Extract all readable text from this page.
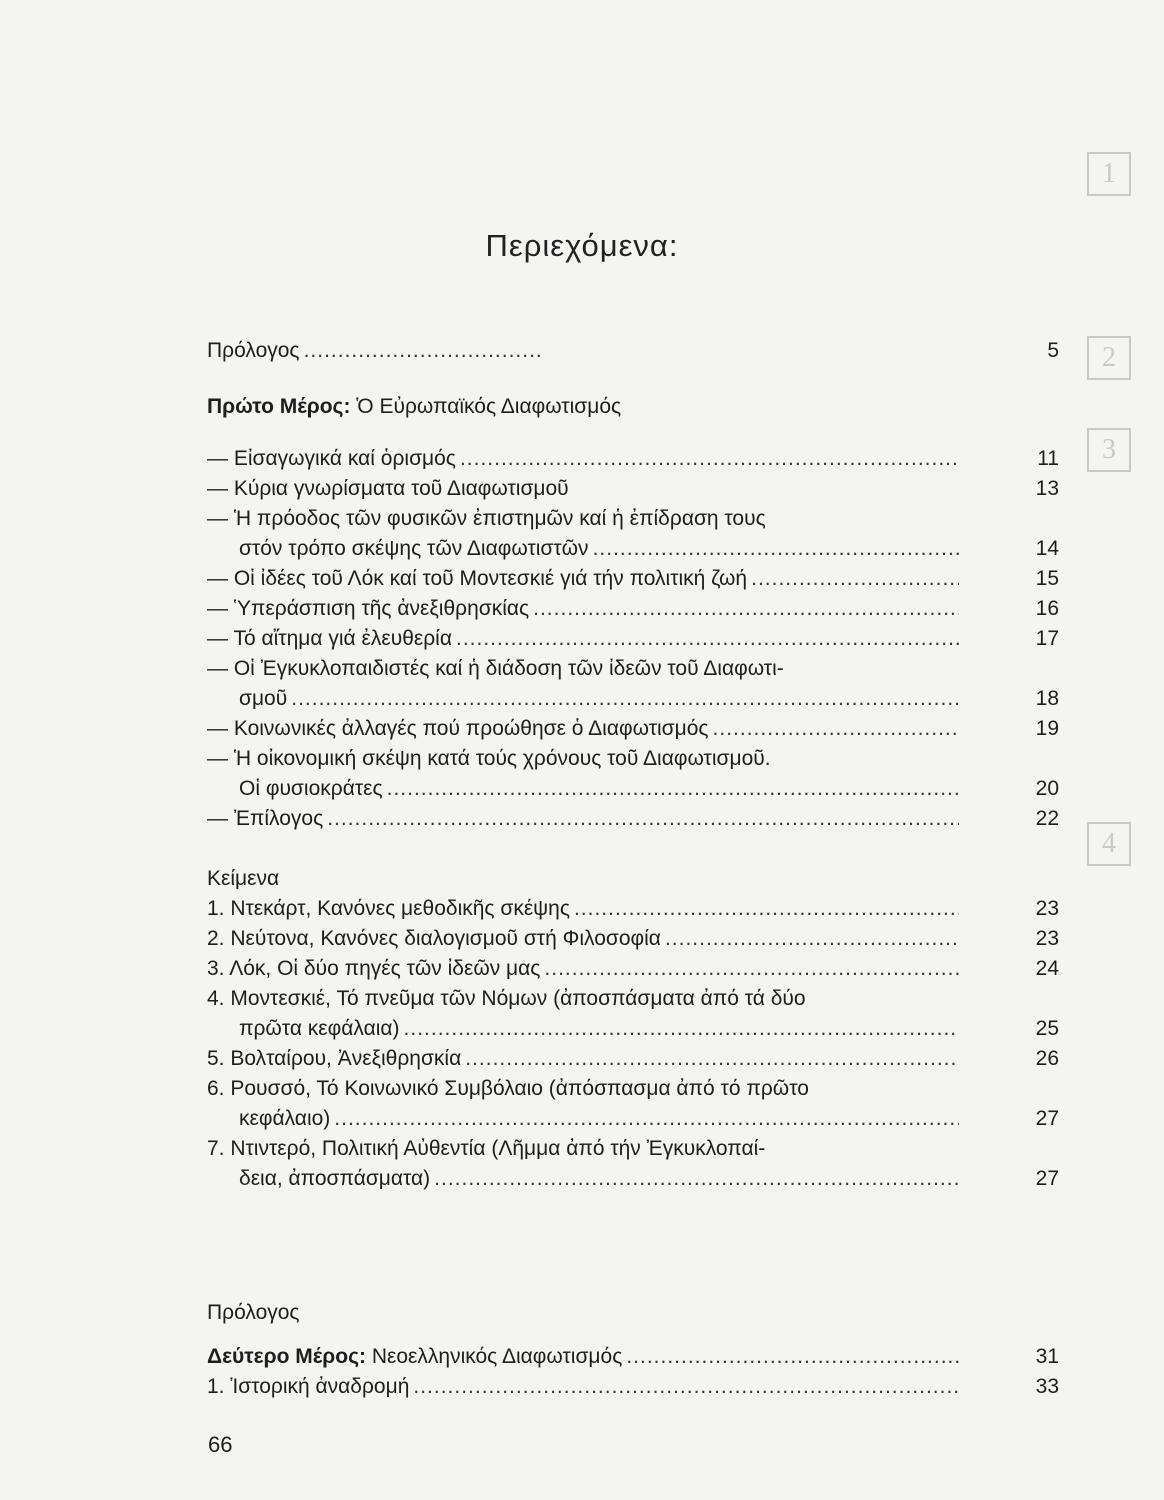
1
2
3
4
Περιεχόμενα:
Πρόλογος .....	5
Πρώτο Μέρος: Ὁ Εὐρωπαϊκός Διαφωτισμός
— Εἰσαγωγικά καί ὁρισμός .....	11
— Κύρια γνωρίσματα τοῦ Διαφωτισμοῦ	13
— Ἡ πρόοδος τῶν φυσικῶν ἐπιστημῶν καί ἡ ἐπίδραση τους
στόν τρόπο σκέψης τῶν Διαφωτιστῶν .....	14
— Οἱ ἰδέες τοῦ Λόκ καί τοῦ Μοντεσκιέ γιά τήν πολιτική ζωή .....	15
— Ὑπεράσπιση τῆς ἀνεξιθρησκίας .....	16
— Τό αἴτημα γιά ἐλευθερία .....	17
— Οἱ Ἐγκυκλοπαιδιστές καί ἡ διάδοση τῶν ἰδεῶν τοῦ Διαφωτι-
σμοῦ .....	18
— Κοινωνικές ἀλλαγές πού προώθησε ὁ Διαφωτισμός .....	19
— Ἡ οἰκονομική σκέψη κατά τούς χρόνους τοῦ Διαφωτισμοῦ.
Οἱ φυσιοκράτες .....	20
— Ἐπίλογος .....	22
Κείμενα
1. Ντεκάρτ, Κανόνες μεθοδικῆς σκέψης .....	23
2. Νεύτονα, Κανόνες διαλογισμοῦ στή Φιλοσοφία .....	23
3. Λόκ, Οἱ δύο πηγές τῶν ἰδεῶν μας .....	24
4. Μοντεσκιέ, Τό πνεῦμα τῶν Νόμων (ἀποσπάσματα ἀπό τά δύο
πρῶτα κεφάλαια) .....	25
5. Βολταίρου, Ἀνεξιθρησκία .....	26
6. Ρουσσό, Τό Κοινωνικό Συμβόλαιο (ἀπόσπασμα ἀπό τό πρῶτο
κεφάλαιο) .....	27
7. Ντιντερό, Πολιτική Αὐθεντία (Λῆμμα ἀπό τήν Ἐγκυκλοπαί-
δεια, ἀποσπάσματα) .....	27
Πρόλογος
Δεύτερο Μέρος: Νεοελληνικός Διαφωτισμός .....	31
1. Ἱστορική ἀναδρομή .....	33
66
